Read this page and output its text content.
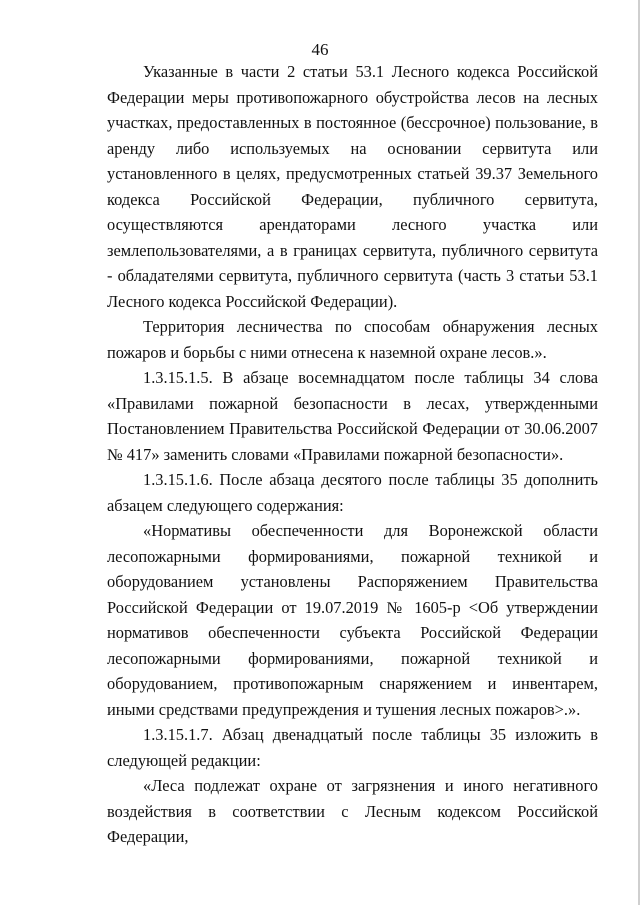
46

Указанные в части 2 статьи 53.1 Лесного кодекса Российской Федерации меры противопожарного обустройства лесов на лесных участках, предоставленных в постоянное (бессрочное) пользование, в аренду либо используемых на основании сервитута или установленного в целях, предусмотренных статьей 39.37 Земельного кодекса Российской Федерации, публичного сервитута, осуществляются арендаторами лесного участка или землепользователями, а в границах сервитута, публичного сервитута - обладателями сервитута, публичного сервитута (часть 3 статьи 53.1 Лесного кодекса Российской Федерации).

Территория лесничества по способам обнаружения лесных пожаров и борьбы с ними отнесена к наземной охране лесов.».

1.3.15.1.5. В абзаце восемнадцатом после таблицы 34 слова «Правилами пожарной безопасности в лесах, утвержденными Постановлением Правительства Российской Федерации от 30.06.2007 № 417» заменить словами «Правилами пожарной безопасности».

1.3.15.1.6. После абзаца десятого после таблицы 35 дополнить абзацем следующего содержания:

«Нормативы обеспеченности для Воронежской области лесопожарными формированиями, пожарной техникой и оборудованием установлены Распоряжением Правительства Российской Федерации от 19.07.2019 № 1605-р <Об утверждении нормативов обеспеченности субъекта Российской Федерации лесопожарными формированиями, пожарной техникой и оборудованием, противопожарным снаряжением и инвентарем, иными средствами предупреждения и тушения лесных пожаров>.».

1.3.15.1.7. Абзац двенадцатый после таблицы 35 изложить в следующей редакции:

«Леса подлежат охране от загрязнения и иного негативного воздействия в соответствии с Лесным кодексом Российской Федерации,
